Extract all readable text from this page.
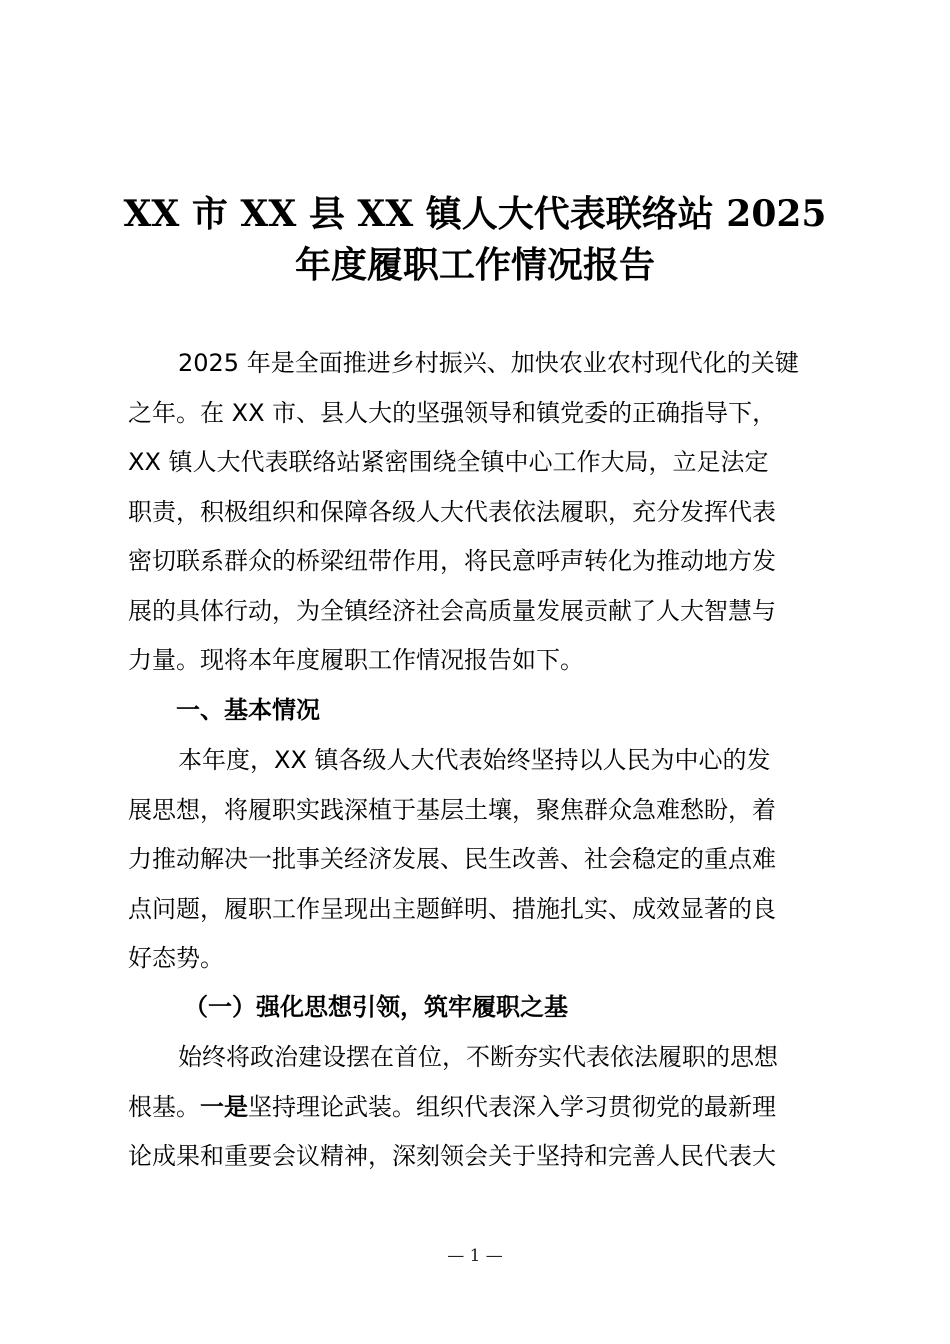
XX 市 XX 县 XX 镇人大代表联络站 2025
年度履职工作情况报告
2025 年是全面推进乡村振兴、加快农业农村现代化的关键
之年。在 XX 市、县人大的坚强领导和镇党委的正确指导下，
XX 镇人大代表联络站紧密围绕全镇中心工作大局，立足法定
职责，积极组织和保障各级人大代表依法履职，充分发挥代表
密切联系群众的桥梁纽带作用，将民意呼声转化为推动地方发
展的具体行动，为全镇经济社会高质量发展贡献了人大智慧与
力量。现将本年度履职工作情况报告如下。
一、基本情况
本年度，XX 镇各级人大代表始终坚持以人民为中心的发
展思想，将履职实践深植于基层土壤，聚焦群众急难愁盼，着
力推动解决一批事关经济发展、民生改善、社会稳定的重点难
点问题，履职工作呈现出主题鲜明、措施扎实、成效显著的良
好态势。
（一）强化思想引领，筑牢履职之基
始终将政治建设摆在首位，不断夯实代表依法履职的思想
根基。一是坚持理论武装。组织代表深入学习贯彻党的最新理
论成果和重要会议精神，深刻领会关于坚持和完善人民代表大
— 1 —
